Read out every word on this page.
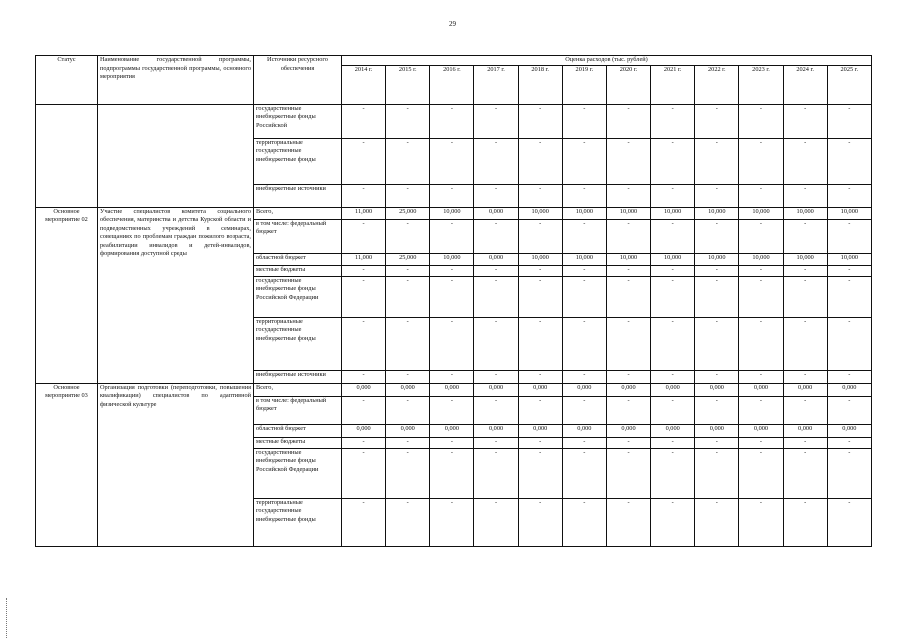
29
Статус	Наименование государственной программы, подпрограммы государственной программы, основного мероприятия	Источники ресурсного обеспечения	Оценка расходов (тыс. рублей)											
			2014 г.	2015 г.	2016 г.	2017 г.	2018 г.	2019 г.	2020 г.	2021 г.	2022 г.	2023 г.	2024 г.	2025 г.
		государственные внебюджетные фонды Российской	-	-	-	-	-	-	-	-	-	-	-	-
		территориальные государственные внебюджетные фонды	-	-	-	-	-	-	-	-	-	-	-	-
		внебюджетные источники	-	-	-	-	-	-	-	-	-	-	-	-
Основное мероприятие 02	Участие специалистов комитета социального обеспечения, материнства и детства Курской области и подведомственных учреждений в семинарах, совещаниях по проблемам граждан пожилого возраста, реабилитации инвалидов и детей-инвалидов, формирования доступной среды	Всего,	11,000	25,000	10,000	0,000	10,000	10,000	10,000	10,000	10,000	10,000	10,000	10,000
		в том числе: федеральный бюджет	-	-	-	-	-	-	-	-	-	-	-	-
		областной бюджет	11,000	25,000	10,000	0,000	10,000	10,000	10,000	10,000	10,000	10,000	10,000	10,000
		местные бюджеты	-	-	-	-	-	-	-	-	-	-	-	-
		государственные внебюджетные фонды Российской Федерации	-	-	-	-	-	-	-	-	-	-	-	-
		территориальные государственные внебюджетные фонды	-	-	-	-	-	-	-	-	-	-	-	-
		внебюджетные источники	-	-	-	-	-	-	-	-	-	-	-	-
Основное мероприятие 03	Организация подготовки (переподготовки, повышения квалификации) специалистов по адаптивной физической культуре	Всего,	0,000	0,000	0,000	0,000	0,000	0,000	0,000	0,000	0,000	0,000	0,000	0,000
		в том числе: федеральный бюджет	-	-	-	-	-	-	-	-	-	-	-	-
		областной бюджет	0,000	0,000	0,000	0,000	0,000	0,000	0,000	0,000	0,000	0,000	0,000	0,000
		местные бюджеты	-	-	-	-	-	-	-	-	-	-	-	-
		государственные внебюджетные фонды Российской Федерации	-	-	-	-	-	-	-	-	-	-	-	-
		территориальные государственные внебюджетные фонды	-	-	-	-	-	-	-	-	-	-	-	-
